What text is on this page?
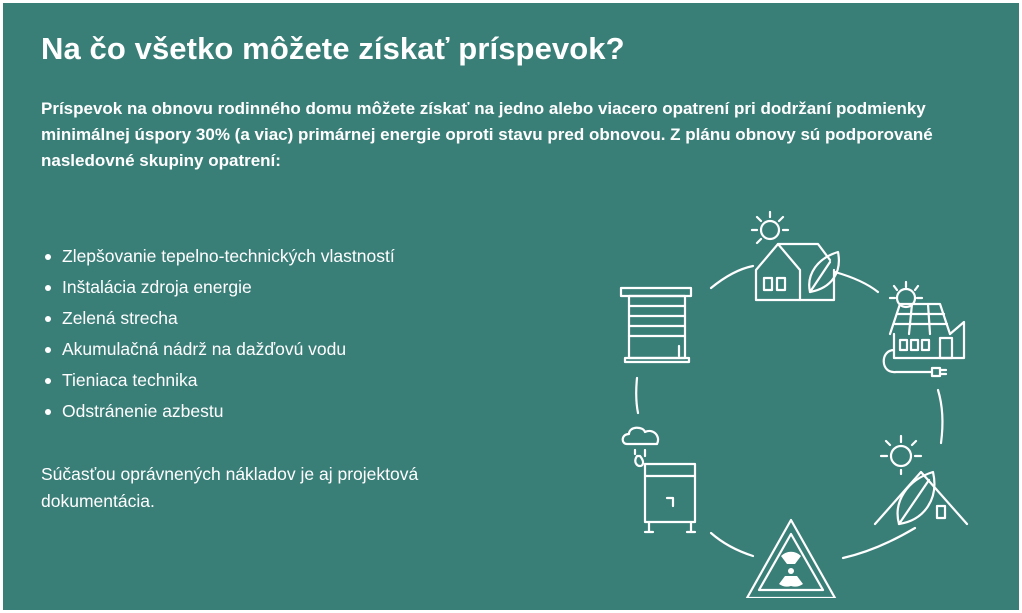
Na čo všetko môžete získať príspevok?

Príspevok na obnovu rodinného domu môžete získať na jedno alebo viacero opatrení pri dodržaní podmienky minimálnej úspory 30% (a viac) primárnej energie oproti stavu pred obnovou. Z plánu obnovy sú podporované nasledovné skupiny opatrení:

Zlepšovanie tepelno-technických vlastností
Inštalácia zdroja energie
Zelená strecha
Akumulačná nádrž na dažďovú vodu
Tieniaca technika
Odstránenie azbestu

Súčasťou oprávnených nákladov je aj projektová dokumentácia.
